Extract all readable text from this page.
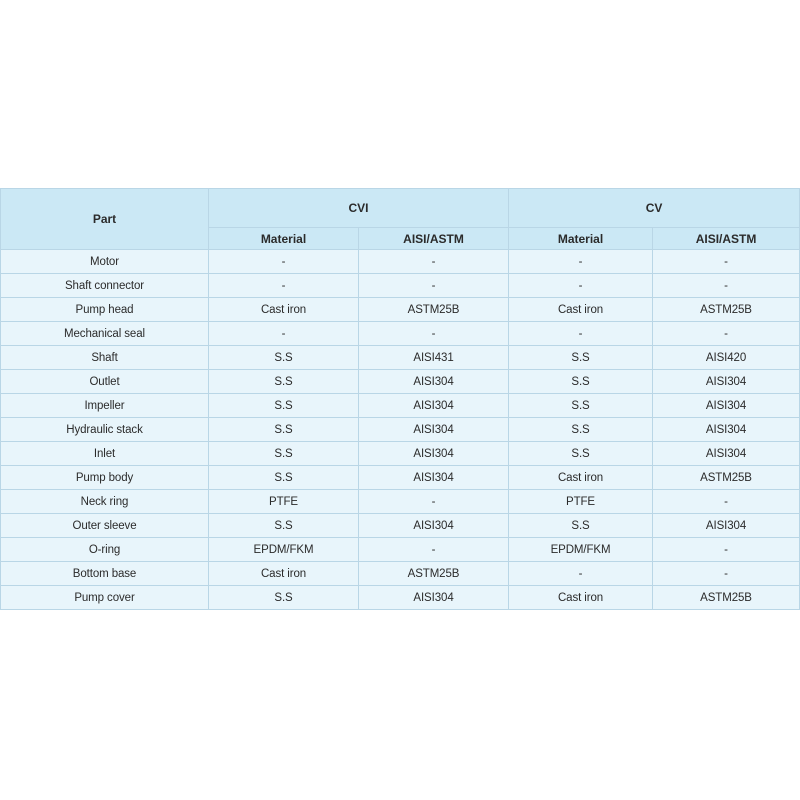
Part	CVI		CV	
	Material	AISI/ASTM	Material	AISI/ASTM
Motor	-	-	-	-
Shaft connector	-	-	-	-
Pump head	Cast iron	ASTM25B	Cast iron	ASTM25B
Mechanical seal	-	-	-	-
Shaft	S.S	AISI431	S.S	AISI420
Outlet	S.S	AISI304	S.S	AISI304
Impeller	S.S	AISI304	S.S	AISI304
Hydraulic stack	S.S	AISI304	S.S	AISI304
Inlet	S.S	AISI304	S.S	AISI304
Pump body	S.S	AISI304	Cast iron	ASTM25B
Neck ring	PTFE	-	PTFE	-
Outer sleeve	S.S	AISI304	S.S	AISI304
O-ring	EPDM/FKM	-	EPDM/FKM	-
Bottom base	Cast iron	ASTM25B	-	-
Pump cover	S.S	AISI304	Cast iron	ASTM25B
